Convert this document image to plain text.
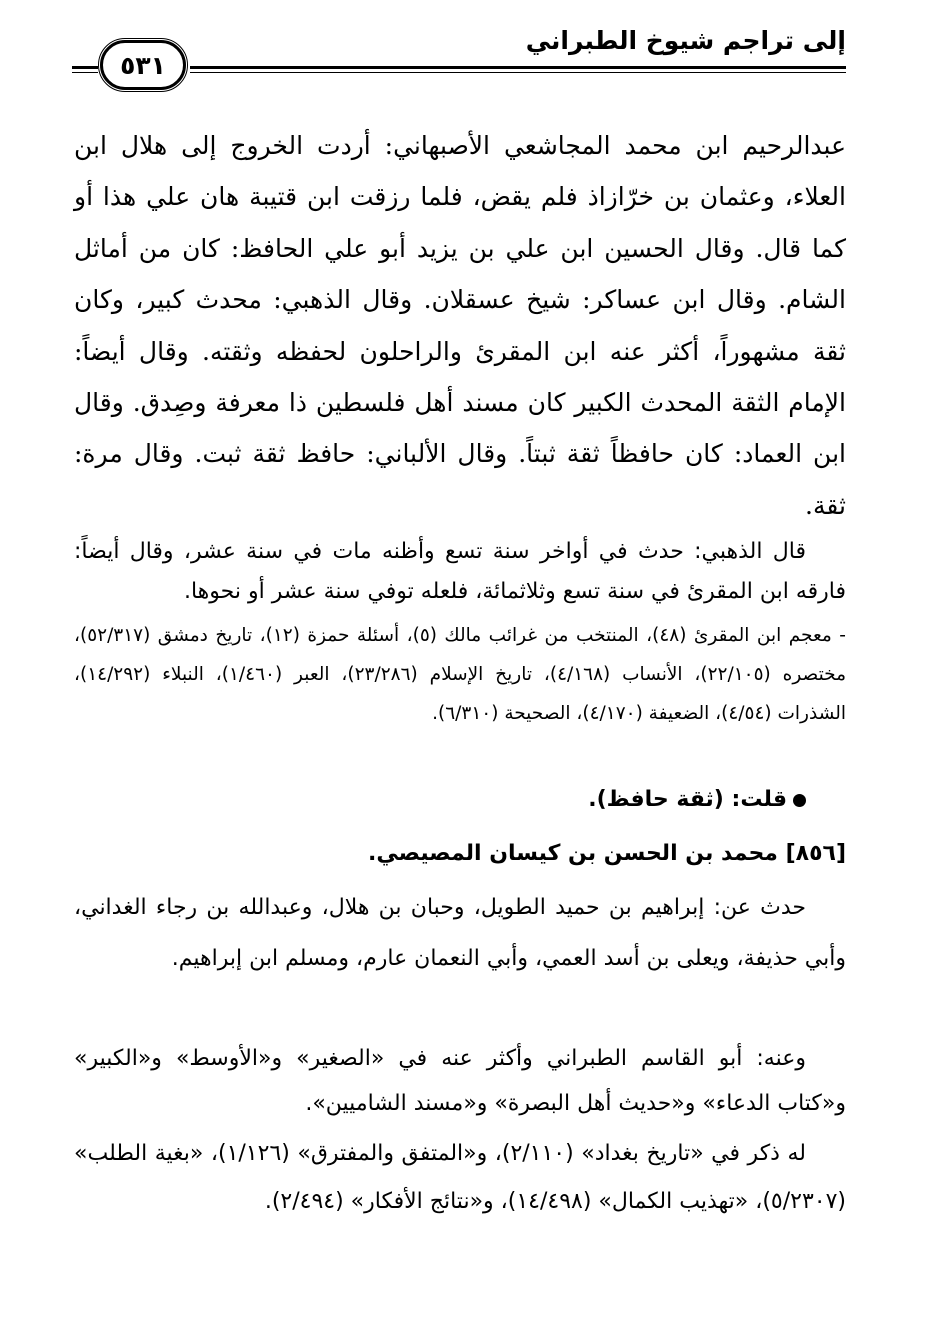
إلى تراجم شيوخ الطبراني
٥٣١
عبدالرحيم ابن محمد المجاشعي الأصبهاني: أردت الخروج إلى هلال ابن العلاء، وعثمان بن خرّازاذ فلم يقض، فلما رزقت ابن قتيبة هان علي هذا أو كما قال. وقال الحسين ابن علي بن يزيد أبو علي الحافظ: كان من أماثل الشام. وقال ابن عساكر: شيخ عسقلان. وقال الذهبي: محدث كبير، وكان ثقة مشهوراً، أكثر عنه ابن المقرئ والراحلون لحفظه وثقته. وقال أيضاً: الإمام الثقة المحدث الكبير كان مسند أهل فلسطين ذا معرفة وصِدق. وقال ابن العماد: كان حافظاً ثقة ثبتاً. وقال الألباني: حافظ ثقة ثبت. وقال مرة: ثقة.
قال الذهبي: حدث في أواخر سنة تسع وأظنه مات في سنة عشر، وقال أيضاً: فارقه ابن المقرئ في سنة تسع وثلاثمائة، فلعله توفي سنة عشر أو نحوها.
- معجم ابن المقرئ (٤٨)، المنتخب من غرائب مالك (٥)، أسئلة حمزة (١٢)، تاريخ دمشق (٥٢/٣١٧)، مختصره (٢٢/١٠٥)، الأنساب (٤/١٦٨)، تاريخ الإسلام (٢٣/٢٨٦)، العبر (١/٤٦٠)، النبلاء (١٤/٢٩٢)، الشذرات (٤/٥٤)، الضعيفة (٤/١٧٠)، الصحيحة (٦/٣١٠).
قلت: (ثقة حافظ).
[٨٥٦] محمد بن الحسن بن كيسان المصيصي.
حدث عن: إبراهيم بن حميد الطويل، وحبان بن هلال، وعبدالله بن رجاء الغداني، وأبي حذيفة، ويعلى بن أسد العمي، وأبي النعمان عارم، ومسلم ابن إبراهيم.
وعنه: أبو القاسم الطبراني وأكثر عنه في «الصغير» و«الأوسط» و«الكبير» و«كتاب الدعاء» و«حديث أهل البصرة» و«مسند الشاميين».
له ذكر في «تاريخ بغداد» (٢/١١٠)، و«المتفق والمفترق» (١/١٢٦)، «بغية الطلب» (٥/٢٣٠٧)، «تهذيب الكمال» (١٤/٤٩٨)، و«نتائج الأفكار» (٢/٤٩٤).
